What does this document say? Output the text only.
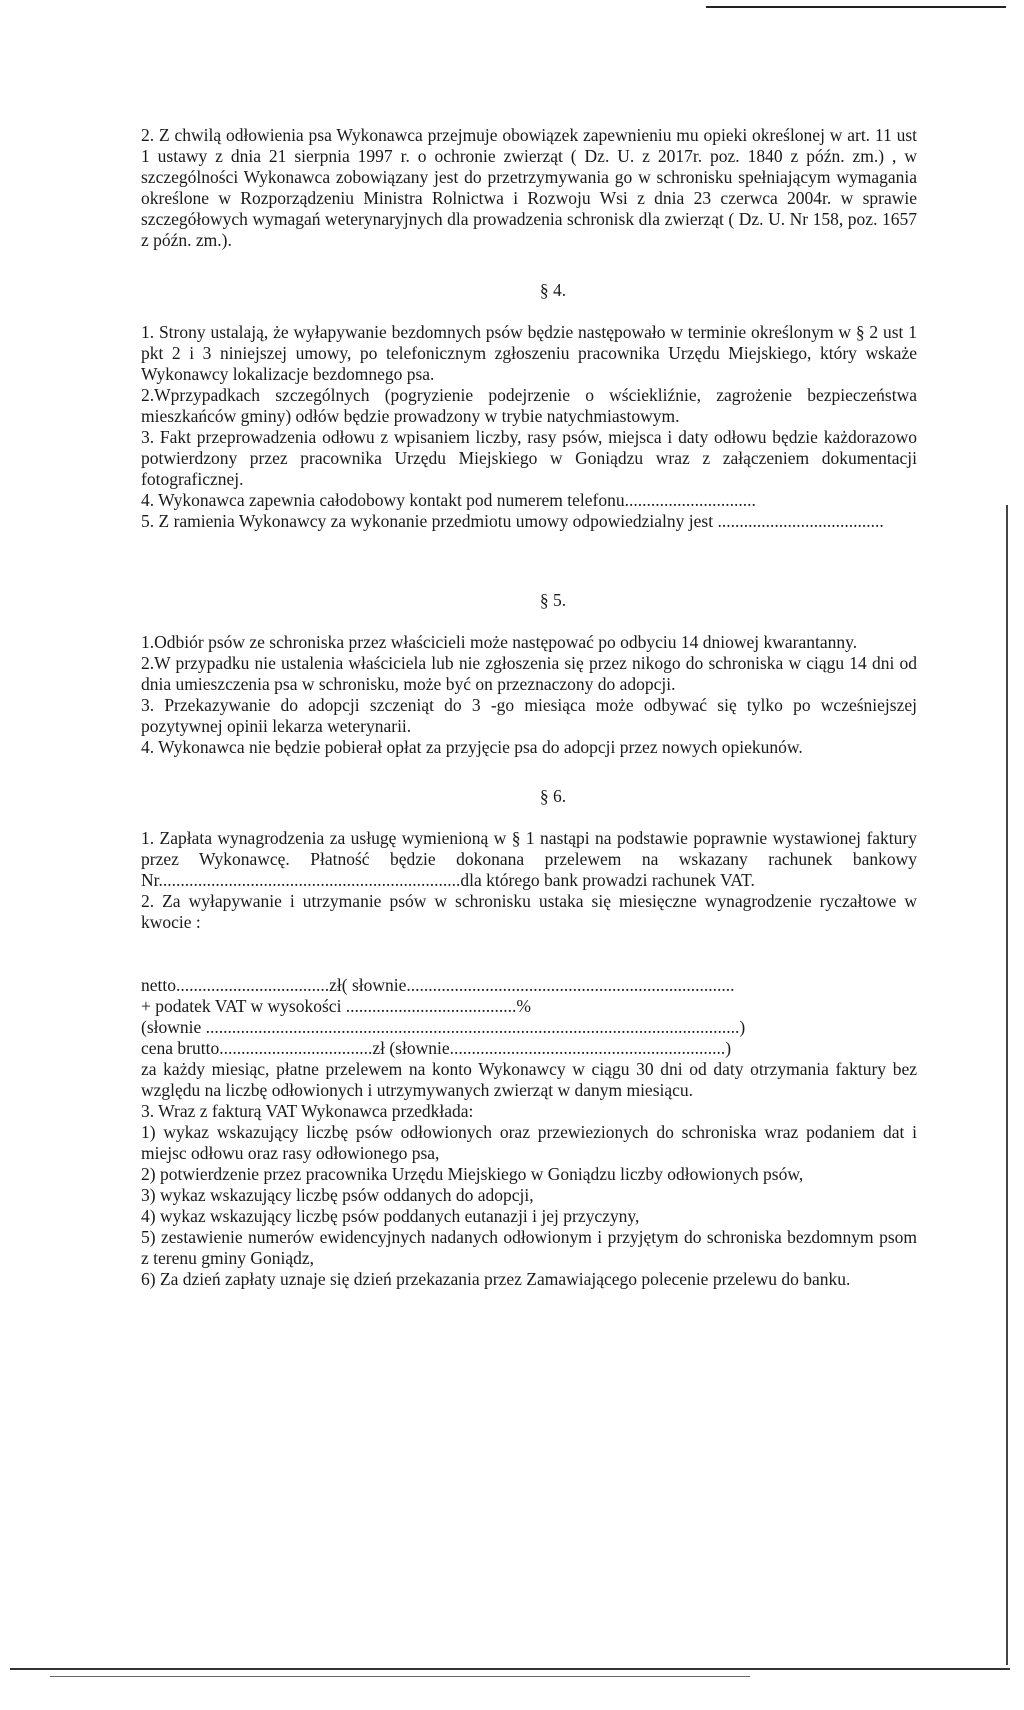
2. Z chwilą odłowienia psa Wykonawca przejmuje obowiązek zapewnieniu mu opieki określonej w art. 11 ust 1 ustawy z dnia 21 sierpnia 1997 r. o ochronie zwierząt ( Dz. U. z 2017r. poz. 1840 z późn. zm.) , w szczególności Wykonawca zobowiązany jest do przetrzymywania go w schronisku spełniającym wymagania określone w Rozporządzeniu Ministra Rolnictwa i Rozwoju Wsi z dnia 23 czerwca 2004r. w sprawie szczegółowych wymagań weterynaryjnych dla prowadzenia schronisk dla zwierząt ( Dz. U. Nr 158, poz. 1657 z późn. zm.).

§ 4.

1. Strony ustalają, że wyłapywanie bezdomnych psów będzie następowało w terminie określonym w § 2 ust 1 pkt 2 i 3 niniejszej umowy, po telefonicznym zgłoszeniu pracownika Urzędu Miejskiego, który wskaże Wykonawcy lokalizacje bezdomnego psa.

2.Wprzypadkach szczególnych (pogryzienie podejrzenie o wściekliźnie, zagrożenie bezpieczeństwa mieszkańców gminy) odłów będzie prowadzony w trybie natychmiastowym.

3. Fakt przeprowadzenia odłowu z wpisaniem liczby, rasy psów, miejsca i daty odłowu będzie każdorazowo potwierdzony przez pracownika Urzędu Miejskiego w Goniądzu wraz z załączeniem dokumentacji fotograficznej.

4. Wykonawca zapewnia całodobowy kontakt pod numerem telefonu..............................

5. Z ramienia Wykonawcy za wykonanie przedmiotu umowy odpowiedzialny jest ......................................

§ 5.

1.Odbiór psów ze schroniska przez właścicieli może następować po odbyciu 14 dniowej kwarantanny.

2.W przypadku nie ustalenia właściciela lub nie zgłoszenia się przez nikogo do schroniska w ciągu 14 dni od dnia umieszczenia psa w schronisku, może być on przeznaczony do adopcji.

3. Przekazywanie do adopcji szczeniąt do 3 -go miesiąca może odbywać się tylko po wcześniejszej pozytywnej opinii lekarza weterynarii.

4. Wykonawca nie będzie pobierał opłat za przyjęcie psa do adopcji przez nowych opiekunów.

§ 6.

1. Zapłata wynagrodzenia za usługę wymienioną w § 1 nastąpi na podstawie poprawnie wystawionej faktury przez Wykonawcę. Płatność będzie dokonana przelewem na wskazany rachunek bankowy Nr.....................................................................dla którego bank prowadzi rachunek VAT.

2. Za wyłapywanie i utrzymanie psów w schronisku ustaka się miesięczne wynagrodzenie ryczałtowe w kwocie :

netto...................................zł( słownie...........................................................................

+ podatek VAT w wysokości .......................................%

(słownie ..........................................................................................................................)

cena brutto...................................zł (słownie...............................................................)

za każdy miesiąc, płatne przelewem na konto Wykonawcy w ciągu 30 dni od daty otrzymania faktury bez względu na liczbę odłowionych i utrzymywanych zwierząt w danym miesiącu.

3. Wraz z fakturą VAT Wykonawca przedkłada:

1) wykaz wskazujący liczbę psów odłowionych oraz przewiezionych do schroniska wraz podaniem dat i miejsc odłowu oraz rasy odłowionego psa,

2) potwierdzenie przez pracownika Urzędu Miejskiego w Goniądzu liczby odłowionych psów,

3) wykaz wskazujący liczbę psów oddanych do adopcji,

4) wykaz wskazujący liczbę psów poddanych eutanazji i jej przyczyny,

5) zestawienie numerów ewidencyjnych nadanych odłowionym i przyjętym do schroniska bezdomnym psom z terenu gminy Goniądz,

6) Za dzień zapłaty uznaje się dzień przekazania przez Zamawiającego polecenie przelewu do banku.
